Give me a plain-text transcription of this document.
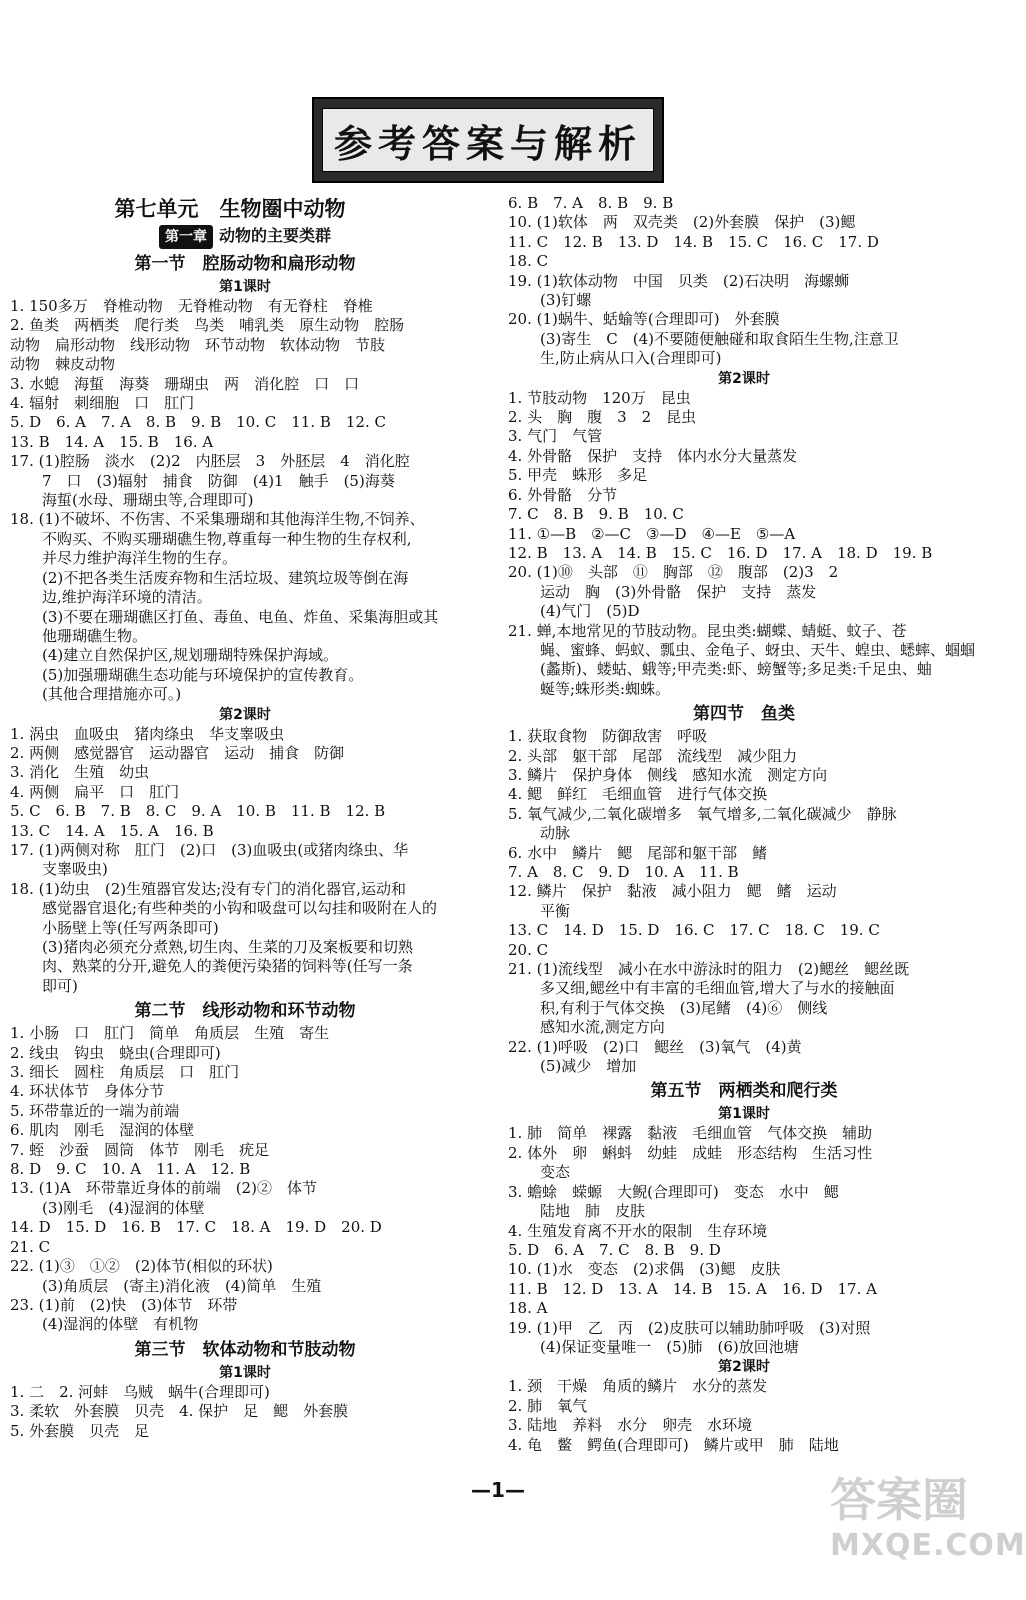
参考答案与解析
第七单元　生物圈中动物
第一章 动物的主要类群
第一节　腔肠动物和扁形动物
第1课时
1. 150多万　脊椎动物　无脊椎动物　有无脊柱　脊椎
2. 鱼类　两栖类　爬行类　鸟类　哺乳类　原生动物　腔肠
动物　扁形动物　线形动物　环节动物　软体动物　节肢
动物　棘皮动物
3. 水螅　海蜇　海葵　珊瑚虫　两　消化腔　口　口
4. 辐射　刺细胞　口　肛门
5. D　6. A　7. A　8. B　9. B　10. C　11. B　12. C
13. B　14. A　15. B　16. A
17. (1)腔肠　淡水　(2)2　内胚层　3　外胚层　4　消化腔
7　口　(3)辐射　捕食　防御　(4)1　触手　(5)海葵
海蜇(水母、珊瑚虫等,合理即可)
18. (1)不破坏、不伤害、不采集珊瑚和其他海洋生物,不饲养、
不购买、不购买珊瑚礁生物,尊重每一种生物的生存权利,
并尽力维护海洋生物的生存。
(2)不把各类生活废弃物和生活垃圾、建筑垃圾等倒在海
边,维护海洋环境的清洁。
(3)不要在珊瑚礁区打鱼、毒鱼、电鱼、炸鱼、采集海胆或其
他珊瑚礁生物。
(4)建立自然保护区,规划珊瑚特殊保护海域。
(5)加强珊瑚礁生态功能与环境保护的宣传教育。
(其他合理措施亦可。)
第2课时
1. 涡虫　血吸虫　猪肉绦虫　华支睾吸虫
2. 两侧　感觉器官　运动器官　运动　捕食　防御
3. 消化　生殖　幼虫
4. 两侧　扁平　口　肛门
5. C　6. B　7. B　8. C　9. A　10. B　11. B　12. B
13. C　14. A　15. A　16. B
17. (1)两侧对称　肛门　(2)口　(3)血吸虫(或猪肉绦虫、华
支睾吸虫)
18. (1)幼虫　(2)生殖器官发达;没有专门的消化器官,运动和
感觉器官退化;有些种类的小钩和吸盘可以勾挂和吸附在人的
小肠壁上等(任写两条即可)
(3)猪肉必须充分煮熟,切生肉、生菜的刀及案板要和切熟
肉、熟菜的分开,避免人的粪便污染猪的饲料等(任写一条
即可)
第二节　线形动物和环节动物
1. 小肠　口　肛门　简单　角质层　生殖　寄生
2. 线虫　钩虫　蛲虫(合理即可)
3. 细长　圆柱　角质层　口　肛门
4. 环状体节　身体分节
5. 环带靠近的一端为前端
6. 肌肉　刚毛　湿润的体壁
7. 蛭　沙蚕　圆筒　体节　刚毛　疣足
8. D　9. C　10. A　11. A　12. B
13. (1)A　环带靠近身体的前端　(2)②　体节
(3)刚毛　(4)湿润的体壁
14. D　15. D　16. B　17. C　18. A　19. D　20. D
21. C
22. (1)③　①②　(2)体节(相似的环状)
(3)角质层　(寄主)消化液　(4)简单　生殖
23. (1)前　(2)快　(3)体节　环带
(4)湿润的体壁　有机物
第三节　软体动物和节肢动物
第1课时
1. 二　2. 河蚌　乌贼　蜗牛(合理即可)
3. 柔软　外套膜　贝壳　4. 保护　足　鳃　外套膜
5. 外套膜　贝壳　足
6. B　7. A　8. B　9. B
10. (1)软体　两　双壳类　(2)外套膜　保护　(3)鳃
11. C　12. B　13. D　14. B　15. C　16. C　17. D
18. C
19. (1)软体动物　中国　贝类　(2)石决明　海螺蛳
(3)钉螺
20. (1)蜗牛、蛞蝓等(合理即可)　外套膜
(3)寄生　C　(4)不要随便触碰和取食陌生生物,注意卫
生,防止病从口入(合理即可)
第2课时
1. 节肢动物　120万　昆虫
2. 头　胸　腹　3　2　昆虫
3. 气门　气管
4. 外骨骼　保护　支持　体内水分大量蒸发
5. 甲壳　蛛形　多足
6. 外骨骼　分节
7. C　8. B　9. B　10. C
11. ①—B　②—C　③—D　④—E　⑤—A
12. B　13. A　14. B　15. C　16. D　17. A　18. D　19. B
20. (1)⑩　头部　⑪　胸部　⑫　腹部　(2)3　2
运动　胸　(3)外骨骼　保护　支持　蒸发
(4)气门　(5)D
21. 蝉,本地常见的节肢动物。昆虫类:蝴蝶、蜻蜓、蚊子、苍
蝇、蜜蜂、蚂蚁、瓢虫、金龟子、蚜虫、天牛、蝗虫、蟋蟀、蝈蝈
(蠡斯)、蝼蛄、蛾等;甲壳类:虾、螃蟹等;多足类:千足虫、蚰
蜒等;蛛形类:蜘蛛。
第四节　鱼类
1. 获取食物　防御敌害　呼吸
2. 头部　躯干部　尾部　流线型　减少阻力
3. 鳞片　保护身体　侧线　感知水流　测定方向
4. 鳃　鲜红　毛细血管　进行气体交换
5. 氧气减少,二氧化碳增多　氧气增多,二氧化碳减少　静脉
动脉
6. 水中　鳞片　鳃　尾部和躯干部　鳍
7. A　8. C　9. D　10. A　11. B
12. 鳞片　保护　黏液　减小阻力　鳃　鳍　运动
平衡
13. C　14. D　15. D　16. C　17. C　18. C　19. C
20. C
21. (1)流线型　减小在水中游泳时的阻力　(2)鳃丝　鳃丝既
多又细,鳃丝中有丰富的毛细血管,增大了与水的接触面
积,有利于气体交换　(3)尾鳍　(4)⑥　侧线
感知水流,测定方向
22. (1)呼吸　(2)口　鳃丝　(3)氧气　(4)黄
(5)减少　增加
第五节　两栖类和爬行类
第1课时
1. 肺　简单　裸露　黏液　毛细血管　气体交换　辅助
2. 体外　卵　蝌蚪　幼蛙　成蛙　形态结构　生活习性
变态
3. 蟾蜍　蝾螈　大鲵(合理即可)　变态　水中　鳃
陆地　肺　皮肤
4. 生殖发育离不开水的限制　生存环境
5. D　6. A　7. C　8. B　9. D
10. (1)水　变态　(2)求偶　(3)鳃　皮肤
11. B　12. D　13. A　14. B　15. A　16. D　17. A
18. A
19. (1)甲　乙　丙　(2)皮肤可以辅助肺呼吸　(3)对照
(4)保证变量唯一　(5)肺　(6)放回池塘
第2课时
1. 颈　干燥　角质的鳞片　水分的蒸发
2. 肺　氧气
3. 陆地　养料　水分　卵壳　水环境
4. 龟　鳖　鳄鱼(合理即可)　鳞片或甲　肺　陆地
—1—	答案圈
MXQE.COM
